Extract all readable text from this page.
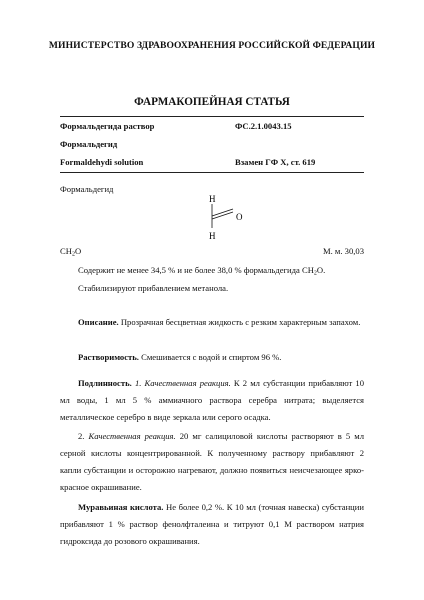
МИНИСТЕРСТВО ЗДРАВООХРАНЕНИЯ РОССИЙСКОЙ ФЕДЕРАЦИИ
ФАРМАКОПЕЙНАЯ СТАТЬЯ
Формальдегида раствор	ФС.2.1.0043.15
Формальдегид
Formaldehydi solution	Взамен ГФ X, ст. 619
Формальдегид
H
H
O
$CH_2O$	М. м. 30,03
Содержит не менее 34,5 % и не более 38,0 % формальдегида $CH_2O$.
Стабилизируют прибавлением метанола.
Описание. Прозрачная бесцветная жидкость с резким характерным запахом.
Растворимость. Смешивается с водой и спиртом 96 %.
Подлинность. 1. Качественная реакция. К 2 мл субстанции прибавляют 10 мл воды, 1 мл 5 % аммиачного раствора серебра нитрата; выделяется металлическое серебро в виде зеркала или серого осадка.
2. Качественная реакция. 20 мг салициловой кислоты растворяют в 5 мл серной кислоты концентрированной. К полученному раствору прибавляют 2 капли субстанции и осторожно нагревают, должно появиться неисчезающее ярко-красное окрашивание.
Муравьиная кислота. Не более 0,2 %. К 10 мл (точная навеска) субстанции прибавляют 1 % раствор фенолфталеина и титруют 0,1 М раствором натрия гидроксида до розового окрашивания.
